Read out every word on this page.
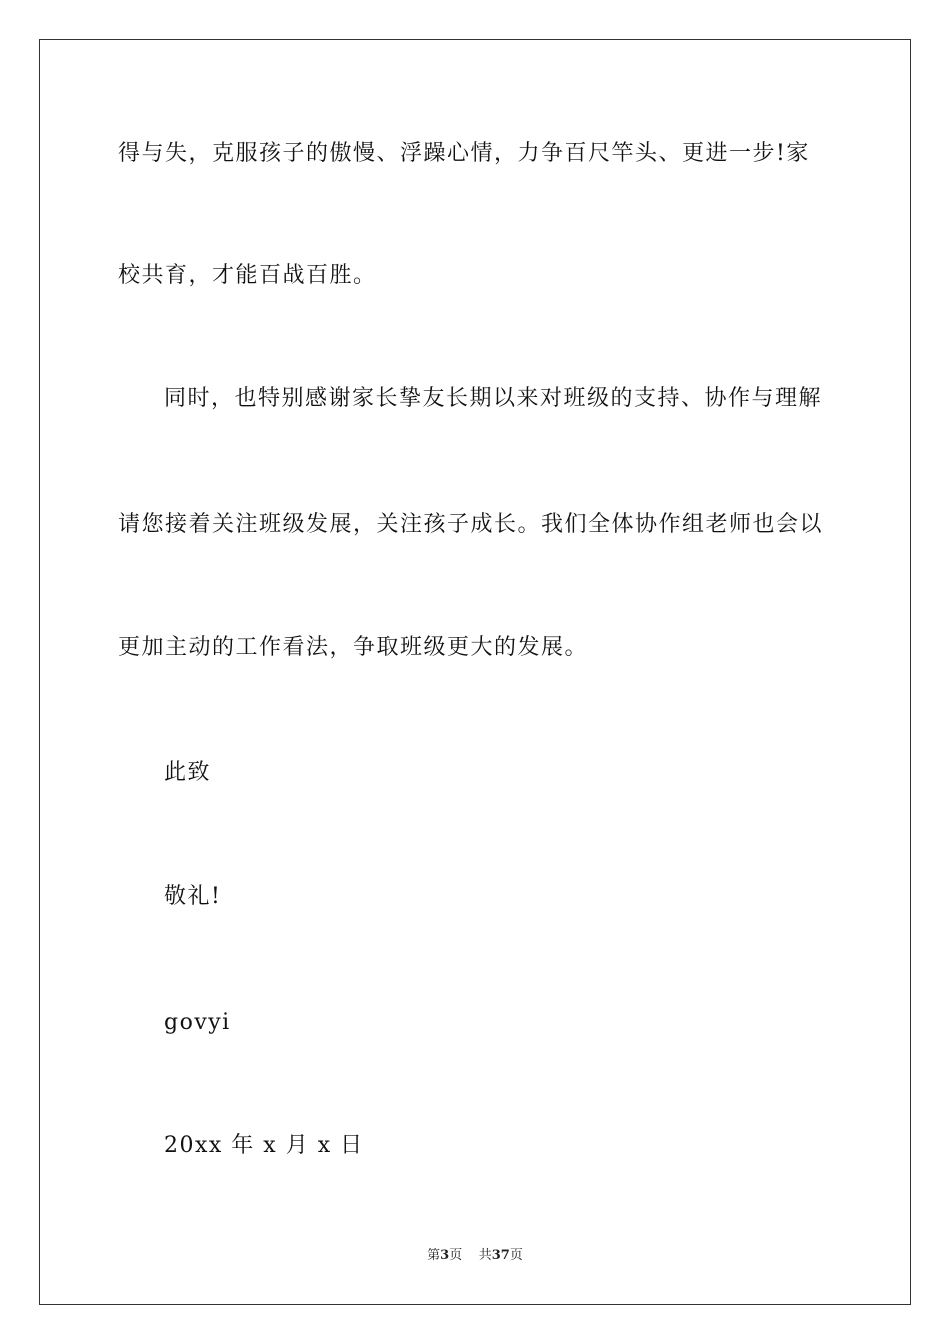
得与失，克服孩子的傲慢、浮躁心情，力争百尺竿头、更进一步!家
校共育，才能百战百胜。
同时，也特别感谢家长挚友长期以来对班级的支持、协作与理解
请您接着关注班级发展，关注孩子成长。我们全体协作组老师也会以
更加主动的工作看法，争取班级更大的发展。
此致
敬礼!
govyi
20xx 年 x 月 x 日
第3页 共37页
